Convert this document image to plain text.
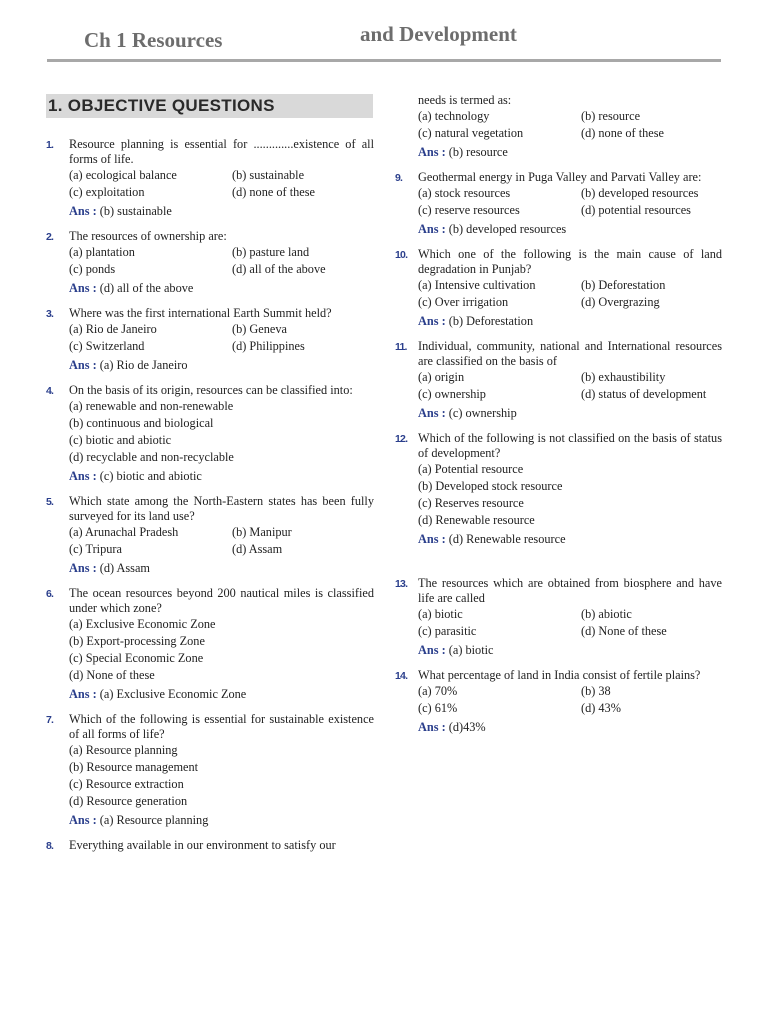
Ch 1 Resources	and Development
1. OBJECTIVE QUESTIONS
1. Resource planning is essential for .............existence of all forms of life.
(a) ecological balance	(b) sustainable
(c) exploitation	(d) none of these
Ans : (b) sustainable
2. The resources of ownership are:
(a) plantation	(b) pasture land
(c) ponds	(d) all of the above
Ans : (d) all of the above
3. Where was the first international Earth Summit held?
(a) Rio de Janeiro	(b) Geneva
(c) Switzerland	(d) Philippines
Ans : (a) Rio de Janeiro
4. On the basis of its origin, resources can be classified into:
(a) renewable and non-renewable
(b) continuous and biological
(c) biotic and abiotic
(d) recyclable and non-recyclable
Ans : (c) biotic and abiotic
5. Which state among the North-Eastern states has been fully surveyed for its land use?
(a) Arunachal Pradesh	(b) Manipur
(c) Tripura	(d) Assam
Ans : (d) Assam
6. The ocean resources beyond 200 nautical miles is classified under which zone?
(a) Exclusive Economic Zone
(b) Export-processing Zone
(c) Special Economic Zone
(d) None of these
Ans : (a) Exclusive Economic Zone
7. Which of the following is essential for sustainable existence of all forms of life?
(a) Resource planning
(b) Resource management
(c) Resource extraction
(d) Resource generation
Ans : (a) Resource planning
8. Everything available in our environment to satisfy our
needs is termed as:
(a) technology	(b) resource
(c) natural vegetation	(d) none of these
Ans : (b) resource
9. Geothermal energy in Puga Valley and Parvati Valley are:
(a) stock resources	(b) developed resources
(c) reserve resources	(d) potential resources
Ans : (b) developed resources
10. Which one of the following is the main cause of land degradation in Punjab?
(a) Intensive cultivation	(b) Deforestation
(c) Over irrigation	(d) Overgrazing
Ans : (b) Deforestation
11. Individual, community, national and International resources are classified on the basis of
(a) origin	(b) exhaustibility
(c) ownership	(d) status of development
Ans : (c) ownership
12. Which of the following is not classified on the basis of status of development?
(a) Potential resource
(b) Developed stock resource
(c) Reserves resource
(d) Renewable resource
Ans : (d) Renewable resource
13. The resources which are obtained from biosphere and have life are called
(a) biotic	(b) abiotic
(c) parasitic	(d) None of these
Ans : (a) biotic
14. What percentage of land in India consist of fertile plains?
(a) 70%	(b) 38
(c) 61%	(d) 43%
Ans : (d)43%
